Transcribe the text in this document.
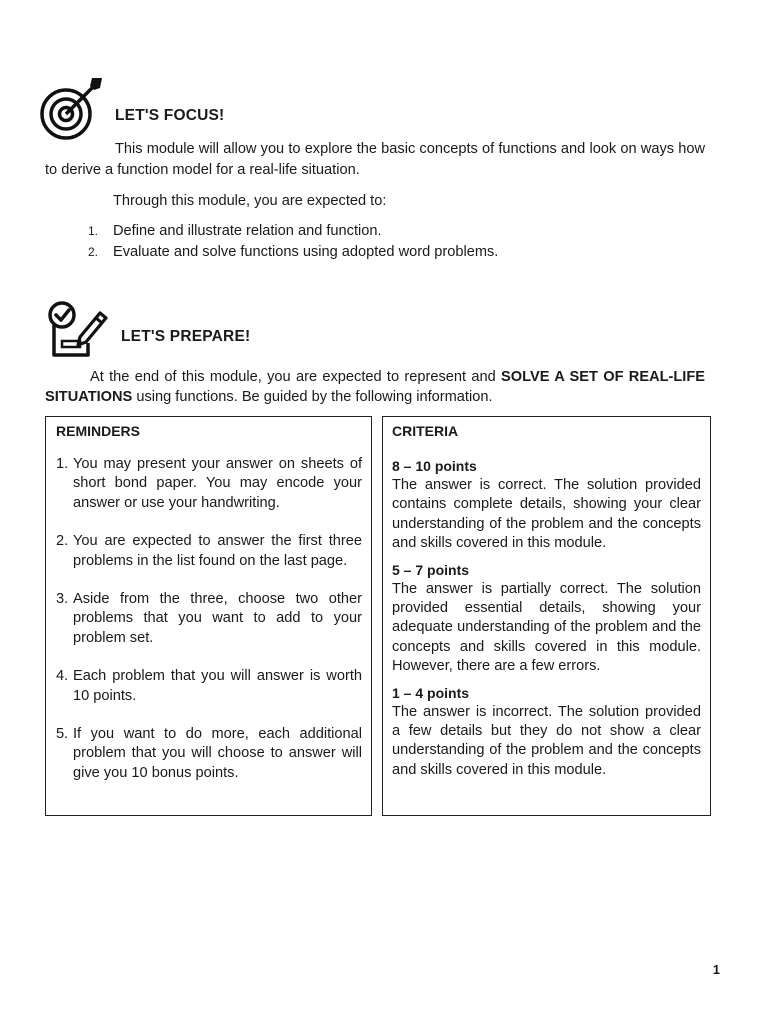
LET'S FOCUS!
This module will allow you to explore the basic concepts of functions and look on ways how to derive a function model for a real-life situation.
Through this module, you are expected to:
1.	Define and illustrate relation and function.
2.	Evaluate and solve functions using adopted word problems.
LET'S PREPARE!
At the end of this module, you are expected to represent and SOLVE A SET OF REAL-LIFE SITUATIONS using functions. Be guided by the following information.
REMINDERS
1. You may present your answer on sheets of short bond paper. You may encode your answer or use your handwriting.
2. You are expected to answer the first three problems in the list found on the last page.
3. Aside from the three, choose two other problems that you want to add to your problem set.
4. Each problem that you will answer is worth 10 points.
5. If you want to do more, each additional problem that you will choose to answer will give you 10 bonus points.
CRITERIA
8 – 10 points
The answer is correct. The solution provided contains complete details, showing your clear understanding of the problem and the concepts and skills covered in this module.
5 – 7 points
The answer is partially correct. The solution provided essential details, showing your adequate understanding of the problem and the concepts and skills covered in this module. However, there are a few errors.
1 – 4 points
The answer is incorrect. The solution provided a few details but they do not show a clear understanding of the problem and the concepts and skills covered in this module.
1
